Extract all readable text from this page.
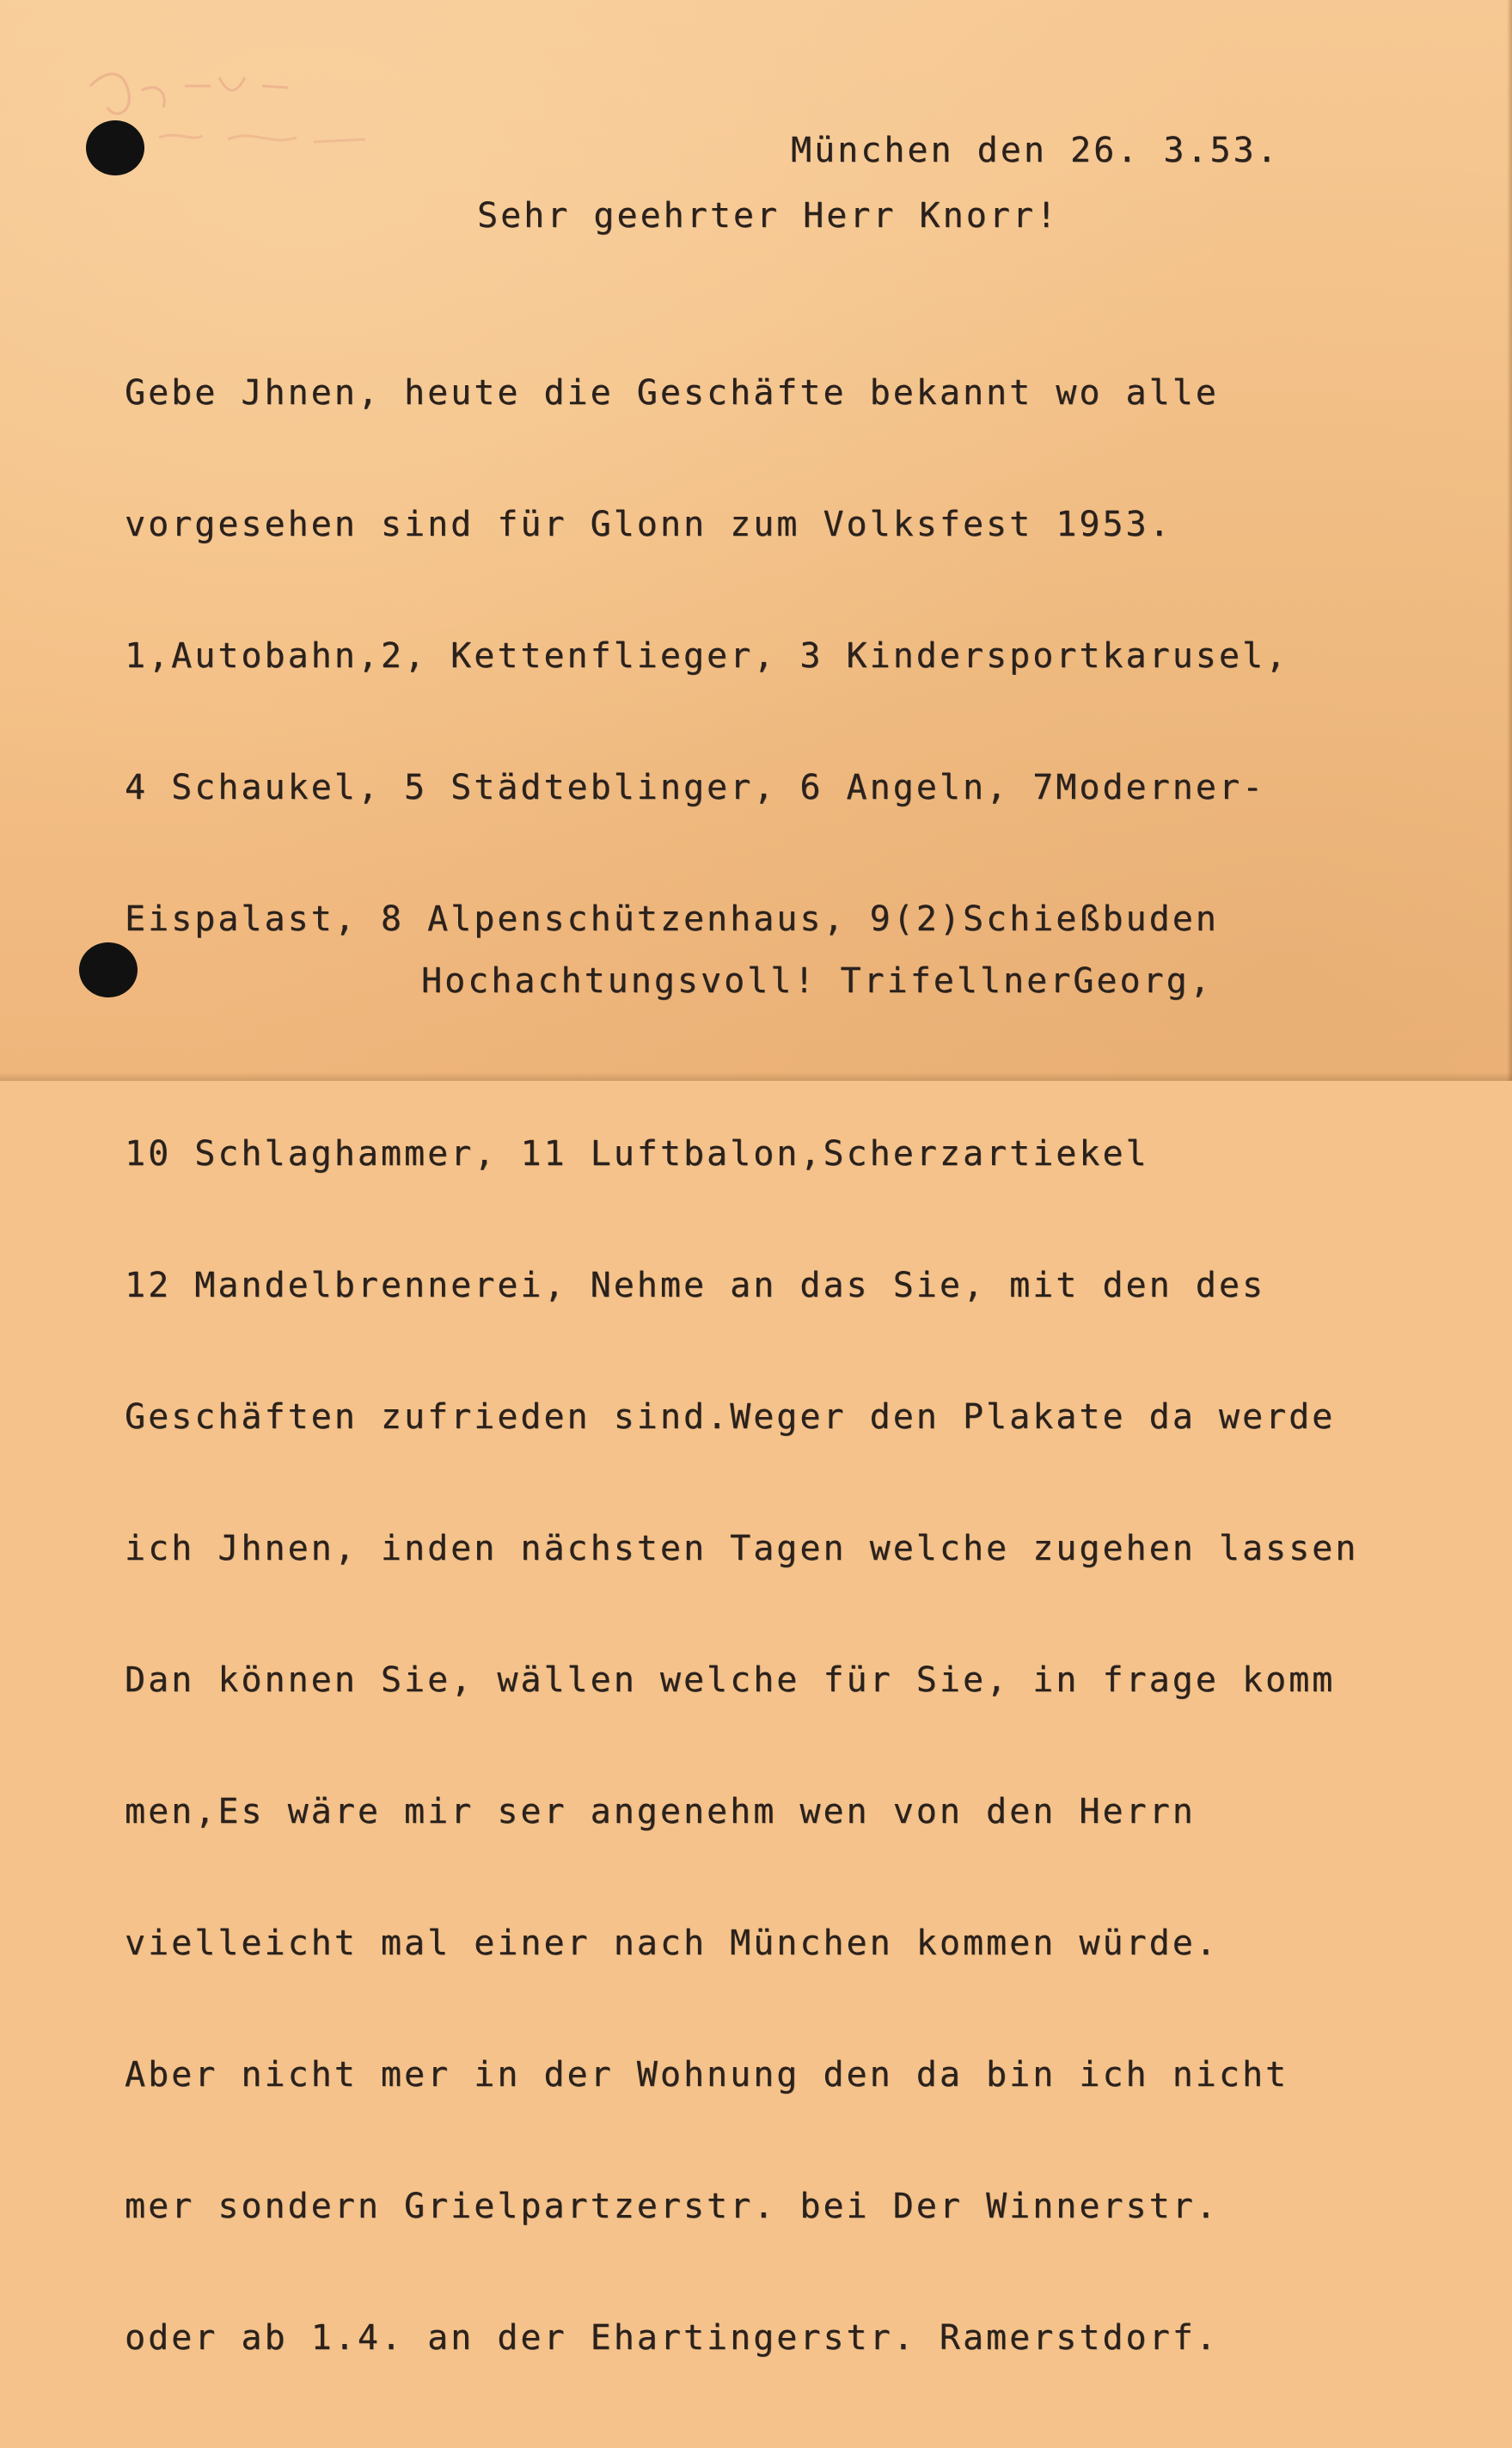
München den 26. 3.53.
Sehr geehrter Herr Knorr!

Gebe Jhnen, heute die Geschäfte bekannt wo alle

vorgesehen sind für Glonn zum Volksfest 1953.

1,Autobahn,2, Kettenflieger, 3 Kindersportkarusel,

4 Schaukel, 5 Städteblinger, 6 Angeln, 7Moderner-

Eispalast, 8 Alpenschützenhaus, 9(2)Schießbuden

10 Schlaghammer, 11 Luftbalon,Scherzartiekel

12 Mandelbrennerei, Nehme an das Sie, mit den des

Geschäften zufrieden sind.Weger den Plakate da werde

ich Jhnen, inden nächsten Tagen welche zugehen lassen

Dan können Sie, wällen welche für Sie, in frage komm

men,Es wäre mir ser angenehm wen von den Herrn

vielleicht mal einer nach München kommen würde.

Aber nicht mer in der Wohnung den da bin ich nicht

mer sondern Grielpartzerstr. bei Der Winnerstr.

oder ab 1.4. an der Ehartingerstr. Ramerstdorf.

Hochachtungsvoll! TrifellnerGeorg,
